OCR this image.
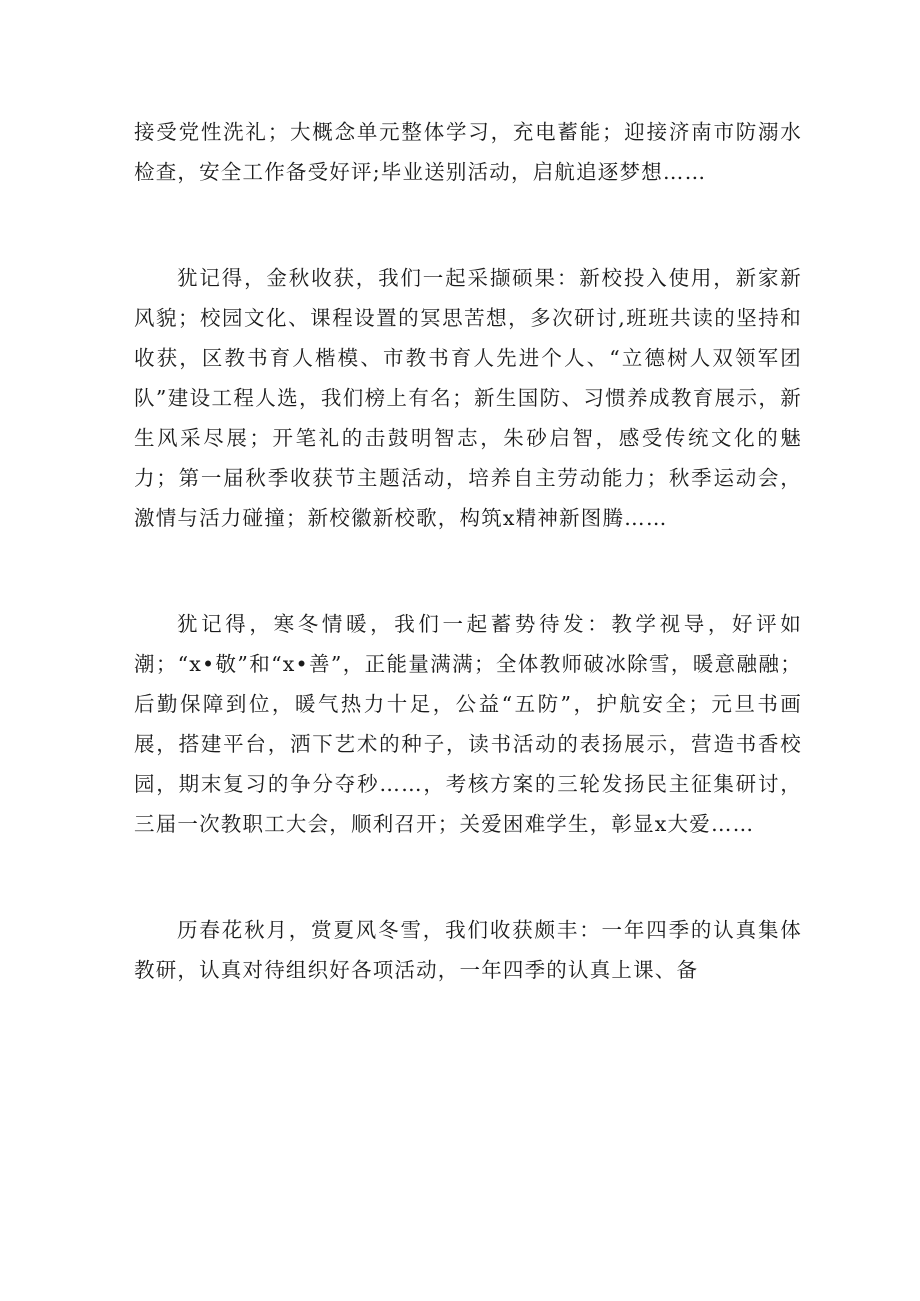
接受党性洗礼；大概念单元整体学习，充电蓄能；迎接济南市防溺水检查，安全工作备受好评;毕业送别活动，启航追逐梦想……

犹记得，金秋收获，我们一起采撷硕果：新校投入使用，新家新风貌；校园文化、课程设置的冥思苦想，多次研讨,班班共读的坚持和收获，区教书育人楷模、市教书育人先进个人、“立德树人双领军团队”建设工程人选，我们榜上有名；新生国防、习惯养成教育展示，新生风采尽展；开笔礼的击鼓明智志，朱砂启智，感受传统文化的魅力；第一届秋季收获节主题活动，培养自主劳动能力；秋季运动会，激情与活力碰撞；新校徽新校歌，构筑x精神新图腾……

犹记得，寒冬情暖，我们一起蓄势待发：教学视导，好评如潮；“x•敬”和“x•善”，正能量满满；全体教师破冰除雪，暖意融融；后勤保障到位，暖气热力十足，公益“五防”，护航安全；元旦书画展，搭建平台，洒下艺术的种子，读书活动的表扬展示，营造书香校园，期末复习的争分夺秒……，考核方案的三轮发扬民主征集研讨，三届一次教职工大会，顺利召开；关爱困难学生，彰显x大爱……

历春花秋月，赏夏风冬雪，我们收获颇丰：一年四季的认真集体教研，认真对待组织好各项活动，一年四季的认真上课、备
